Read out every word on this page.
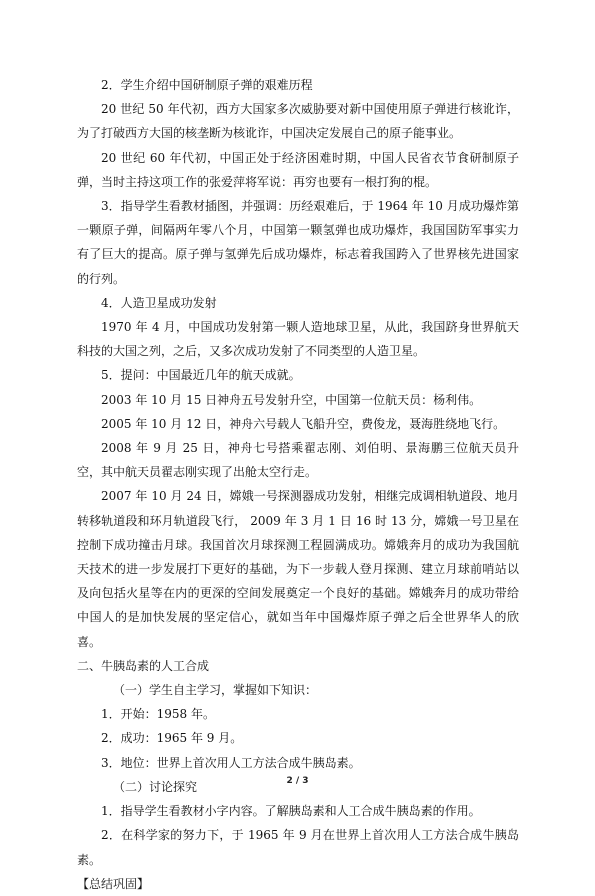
2．学生介绍中国研制原子弹的艰难历程

20 世纪 50 年代初，西方大国家多次威胁要对新中国使用原子弹进行核讹诈，为了打破西方大国的核垄断为核讹诈，中国决定发展自己的原子能事业。

20 世纪 60 年代初，中国正处于经济困难时期，中国人民省衣节食研制原子弹，当时主持这项工作的张爱萍将军说：再穷也要有一根打狗的棍。

3．指导学生看教材插图，并强调：历经艰难后，于 1964 年 10 月成功爆炸第一颗原子弹，间隔两年零八个月，中国第一颗氢弹也成功爆炸，我国国防军事实力有了巨大的提高。原子弹与氢弹先后成功爆炸，标志着我国跨入了世界核先进国家的行列。

4．人造卫星成功发射

1970 年 4 月，中国成功发射第一颗人造地球卫星，从此，我国跻身世界航天科技的大国之列，之后，又多次成功发射了不同类型的人造卫星。

5．提问：中国最近几年的航天成就。

2003 年 10 月 15 日神舟五号发射升空，中国第一位航天员：杨利伟。

2005 年 10 月 12 日，神舟六号载人飞船升空，费俊龙，聂海胜绕地飞行。

2008 年 9 月 25 日，神舟七号搭乘翟志刚、刘伯明、景海鹏三位航天员升空，其中航天员翟志刚实现了出舱太空行走。

2007 年 10 月 24 日，嫦娥一号探测器成功发射，相继完成调相轨道段、地月转移轨道段和环月轨道段飞行， 2009 年 3 月 1 日 16 时 13 分，嫦娥一号卫星在控制下成功撞击月球。我国首次月球探测工程圆满成功。嫦娥奔月的成功为我国航天技术的进一步发展打下更好的基础，为下一步载人登月探测、建立月球前哨站以及向包括火星等在内的更深的空间发展奠定一个良好的基础。嫦娥奔月的成功带给中国人的是加快发展的坚定信心，就如当年中国爆炸原子弹之后全世界华人的欣喜。

二、牛胰岛素的人工合成

（一）学生自主学习，掌握如下知识：

1．开始：1958 年。

2．成功：1965 年 9 月。

3．地位：世界上首次用人工方法合成牛胰岛素。

（二）讨论探究

1．指导学生看教材小字内容。了解胰岛素和人工合成牛胰岛素的作用。

2．在科学家的努力下，于 1965 年 9 月在世界上首次用人工方法合成牛胰岛素。

【总结巩固】

2 / 3
